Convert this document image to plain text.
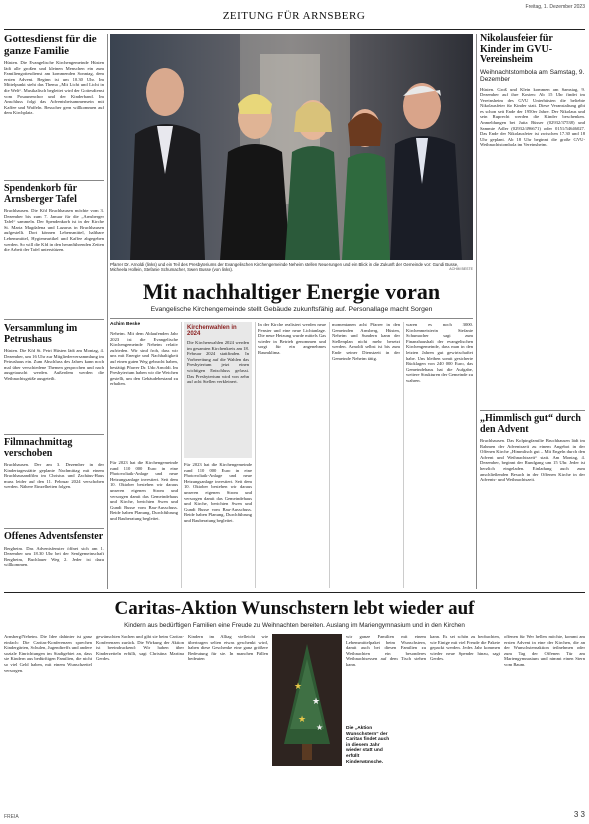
ZEITUNG FÜR ARNSBERG
Freitag, 1. Dezember 2023
Gottesdienst für die ganze Familie
Hüsten. Die Evangelische Kirchengemeinde Hüsten lädt alle großen und kleinen Menschen ein zum Familiengottesdienst am kommenden Sonntag, dem ersten Advent. Beginn ist um 10.30 Uhr. Im Mittelpunkt steht das Thema „Mit Licht und Licht in die Welt“. Musikalisch begleitet wird der Gottesdienst vom Posaunenchor und der Kinderband. Im Anschluss folgt das Adventsbeisammensein mit Kaffee und Waffeln. Besucher gern willkommen auf dem Kirchplatz.
Spendenkorb für Arnsberger Tafel
Bruchhausen. Die Kfd Bruchhausen möchte vom 3. Dezember bis zum 7. Januar für die „Arnsberger Tafel“ sammeln. Der Spendenkorb ist in der Kirche St. Maria Magdalena und Lazarus in Bruchhausen aufgestellt. Dort können Lebensmittel, haltbare Lebensmittel, Hygieneartikel und Kaffee abgegeben werden. So will die Kfd in den heranführenden Zeiten die Arbeit der Tafel unterstützen.
Versammlung im Petrushaus
Hüsten. Die Kfd St. Petri Hüsten lädt am Montag, 4. Dezember, um 16 Uhr zur Mitgliederversammlung im Petrushaus ein. Zum Abschluss des Jahres kann noch mal über verschiedene Themen gesprochen und nach ausgetauscht werden. Außerdem werden die Weihnachtsgrüße ausgeteilt.
Filmnachmittag verschoben
Bruchhausen. Der am 3. Dezember in der Kindertagesstätte geplante Nachmittag mit einem Bruchhausandfilm im Christus und Zachäus-Haus muss leider auf den 11. Februar 2024 verschoben werden. Nähere Einzelheiten folgen.
Offenes Adventsfenster
Bergheim. Das Adventsfenster öffnet sich am 1. Dezember um 18.30 Uhr bei der Senfgemeinschaft Bergheim, Buchlauer Weg 2. Jeder ist dazu willkommen.
Pfarrer Dr. Arnoldi (links) und ein Teil des Presbyteriums der Evangelischen Kirchengemeinde Neheim stellen Neuerungen und ein Blick in die Zukunft der Gemeinde vor: Gundi Busse, Micheela Hollein, Stefanie Schumacher, Swen Busse (von links).	ACHIM BESTE
Mit nachhaltiger Energie voran
Evangelische Kirchengemeinde stellt Gebäude zukunftsfähig auf. Personallage macht Sorgen
Achim Beske
Neheim. Mit dem Ablaufenden Jahr 2023 ist die Evangelische Kirchengemeinde Neheim relativ zufrieden. Wir sind froh, dass wir uns mit Energie und Nachhaltigkeit auf einen guten Weg gebracht haben, bestätigt Pfarrer Dr. Udo Arnoldi. Im Presbyterium haben wir die Weichen gestellt, um den Gebäudebestand zu erhalten.
Für 2023 hat die Kirchengemeinde rund 110 000 Euro in eine Photovoltaik-Anlage und neue Heizungsanlage investiert. Seit dem 10. Oktober bestehen wir daraus unseren eigenen Strom und versorgen damit das Gemeindehaus und Kirche, berichten Swen und Gundi Busse vom Bau-Ausschuss. Beide haben Planung, Durchführung und Bauberatung begleitet.
Kirchenwahlen in 2024
Die Kirchenwahlen 2024 werden im gesamten Kirchenkreis am 18. Februar 2024 stattfinden. In Vorbereitung auf die Wahlen das Presbyterium jetzt einen wichtigen Entschluss gefasst. Das Presbyterium wird von zehn auf acht Stellen verkleinert.
Für 2023 hat die Kirchengemeinde rund 110 000 Euro in eine Photovoltaik-Anlage und neue Heizungsanlage investiert. Seit dem 10. Oktober bestehen wir daraus unseren eigenen Strom und versorgen damit das Gemeindehaus und Kirche, berichten Swen und Gundi Busse vom Bau-Ausschuss. Beide haben Planung, Durchführung und Bauberatung begleitet.
In der Kirche realisiert werden neue Fenster und eine neue Lichtanlage. Die neue Heizung wurde mittels Gas wieder in Betrieb genommen und sorgt für ein angenehmes Raumklima.
momentanen acht Pfarrer in den Gemeinden Arnsberg, Hüsten, Neheim und Sundern kann der Stellenplan nicht mehr besetzt werden. Arnoldi selbst ist bis zum Ende seiner Dienstzeit in der Gemeinde Neheim tätig.
waren es noch 3000. Kirchenmeisterin Stefanie Schumacher sagt zum Finanzhaushalt der evangelischen Kirchengemeinde, dass man in den letzten Jahren gut gewirtschaftet habe. Uns bleiben somit gesicherte Rücklagen von 240 000 Euro, das Gemeindehaus hat die Aufgabe, weitere Strukturen der Gemeinde zu wahren.
Nikolausfeier für Kinder im GVU-Vereinsheim
Weihnachtstombola am Samstag, 9. Dezember
Hüsten. Groß und Klein kommen am Samstag, 9. Dezember auf ihre Kosten: Ab 15 Uhr findet im Vereinsheim des GVU Unterhüsten die beliebte Nikolausfeier für Kinder statt. Diese Veranstaltung gibt es schon seit Ende der 1950er Jahre. Der Nikolaus und sein Ruprecht werden die Kinder beschenken. Anmeldungen bei Jutta Büsser (02932/37538) und Sammie Adler (02932/496671) oder 0151/54646027. Das Ende der Nikolausfeier ist zwischen 17.30 und 18 Uhr geplant. Ab 18 Uhr beginnt die große GVU-Weihnachtstombola im Vereinsheim.
„Himmlisch gut“ durch den Advent
Bruchhausen. Das Kolpingfamilie Bruchhausen lädt im Rahmen der Adventszeit zu einem Angebot in der Offenen Kirche „Himmlisch gut – Mit Engeln durch den Advent und Weihnachtszeit“ statt. Am Montag, 4. Dezember, beginnt der Rundgang um 15 Uhr. Jeder ist herzlich eingeladen. Einladung auch zum anschließenden Besuch in der Offenen Kirche in der Advents- und Weihnachtszeit.
Caritas-Aktion Wunschstern lebt wieder auf
Kindern aus bedürftigen Familien eine Freude zu Weihnachten bereiten. Auslang im Mariengymnasium und in den Kirchen
Arnsberg/Neheim. Die Idee dahinter ist ganz einfach: Die Caritas-Konferenzen sprechen Kindergärten, Schulen, Jugendtreffs und andere soziale Einrichtungen im Stadtgebiet an, dass sie Kindern aus bedürftigen Familien, die nicht so viel Geld haben, mit einem Wunschzettel versorgen.
gewünschten Sachen und gibt sie beim Caritas-Konferenzen zurück. Die Wirkung der Aktion ist beeindruckend: Wir haben über Kinderzetteln erfüllt, sagt Christina Martina Gerdes.
Kindern im Alltag vielleicht wie übertragen selten etwas geschenkt wird, haben diese Geschenke eine ganz größere Bedeutung für sie. In manchen Fällen bedeuten
★
★
★
★	Die „Aktion Wunschstern“ der Caritas findet auch in diesem Jahr wieder statt und erfüllt Kinderwünsche.
wir ganze Familien mit einem Lebensmittelpaket beim Wunschstern, damit auch bei diesen Familien zu Weihnachten ein besonderes Weihnachtsessen auf dem Tisch stehen kann.
kann. Es sei schön zu beobachten, wie Einige mit viel Freude die Pakete gepackt werden. Jedes Jahr kommen wieder neue Spender hinzu, sagt Gerdes.
offenen für Wer hellen möchte, kommt am ersten Advent in eine der Kirchen, die an der Wunschsternaktion teilnehmen oder zum Tag der Offenen Tür am Mariengymnasium und nimmt einen Stern vom Baum.
FREIA	3 3
